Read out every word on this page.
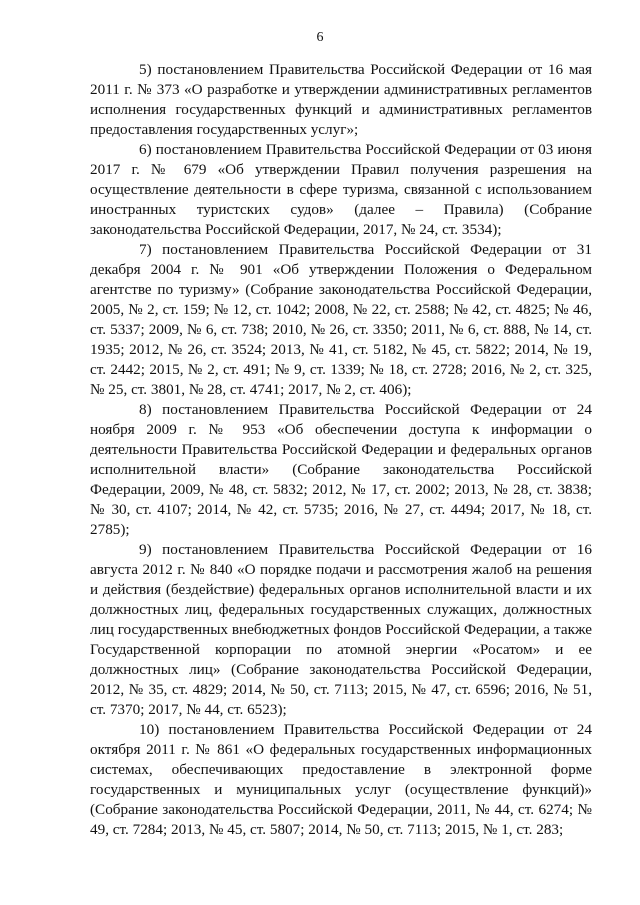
6

5) постановлением Правительства Российской Федерации от 16 мая 2011 г. № 373 «О разработке и утверждении административных регламентов исполнения государственных функций и административных регламентов предоставления государственных услуг»;

6) постановлением Правительства Российской Федерации от 03 июня 2017 г. № 679 «Об утверждении Правил получения разрешения на осуществление деятельности в сфере туризма, связанной с использованием иностранных туристских судов» (далее – Правила) (Собрание законодательства Российской Федерации, 2017, № 24, ст. 3534);

7) постановлением Правительства Российской Федерации от 31 декабря 2004 г. № 901 «Об утверждении Положения о Федеральном агентстве по туризму» (Собрание законодательства Российской Федерации, 2005, № 2, ст. 159; № 12, ст. 1042; 2008, № 22, ст. 2588; № 42, ст. 4825; № 46, ст. 5337; 2009, № 6, ст. 738; 2010, № 26, ст. 3350; 2011, № 6, ст. 888, № 14, ст. 1935; 2012, № 26, ст. 3524; 2013, № 41, ст. 5182, № 45, ст. 5822; 2014, № 19, ст. 2442; 2015, № 2, ст. 491; № 9, ст. 1339; № 18, ст. 2728; 2016, № 2, ст. 325, № 25, ст. 3801, № 28, ст. 4741; 2017, № 2, ст. 406);

8) постановлением Правительства Российской Федерации от 24 ноября 2009 г. № 953 «Об обеспечении доступа к информации о деятельности Правительства Российской Федерации и федеральных органов исполнительной власти» (Собрание законодательства Российской Федерации, 2009, № 48, ст. 5832; 2012, № 17, ст. 2002; 2013, № 28, ст. 3838; № 30, ст. 4107; 2014, № 42, ст. 5735; 2016, № 27, ст. 4494; 2017, № 18, ст. 2785);

9) постановлением Правительства Российской Федерации от 16 августа 2012 г. № 840 «О порядке подачи и рассмотрения жалоб на решения и действия (бездействие) федеральных органов исполнительной власти и их должностных лиц, федеральных государственных служащих, должностных лиц государственных внебюджетных фондов Российской Федерации, а также Государственной корпорации по атомной энергии «Росатом» и ее должностных лиц» (Собрание законодательства Российской Федерации, 2012, № 35, ст. 4829; 2014, № 50, ст. 7113; 2015, № 47, ст. 6596; 2016, № 51, ст. 7370; 2017, № 44, ст. 6523);

10) постановлением Правительства Российской Федерации от 24 октября 2011 г. № 861 «О федеральных государственных информационных системах, обеспечивающих предоставление в электронной форме государственных и муниципальных услуг (осуществление функций)» (Собрание законодательства Российской Федерации, 2011, № 44, ст. 6274; № 49, ст. 7284; 2013, № 45, ст. 5807; 2014, № 50, ст. 7113; 2015, № 1, ст. 283;
